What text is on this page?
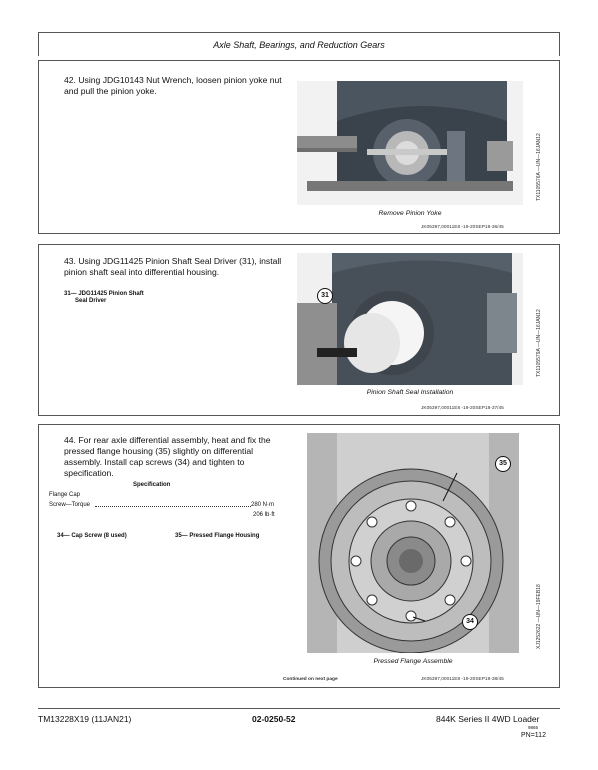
Axle Shaft, Bearings, and Reduction Gears
42. Using JDG10143 Nut Wrench, loosen pinion yoke nut
and pull the pinion yoke.
Remove Pinion Yoke
TX1105576A —UN—16JAN12
JK05397,00011E8 -19-20SEP18-36/45
43. Using JDG11425 Pinion Shaft Seal Driver (31), install
pinion shaft seal into differential housing.
31— JDG11425 Pinion Shaft
Seal Driver
31
Pinion Shaft Seal Installation
TX1105579A —UN—16JAN12
JK05397,00011E8 -19-20SEP18-37/45
44. For rear axle differential assembly, heat and fix the
pressed flange housing (35) slightly on differential
assembly. Install cap screws (34) and tighten to
specification.
Specification
Flange Cap
Screw—Torque	280 N·m
206 lb·ft
34— Cap Screw (8 used)	35— Pressed Flange Housing
35
34
Pressed Flange Assemble
XJ1252622 —UN—19FEB18
Continued on next page	JK05397,00011E8 -19-20SEP18-38/45
TM13228X19 (11JAN21)	02-0250-52	844K Series II 4WD Loader
9865
PN=112
